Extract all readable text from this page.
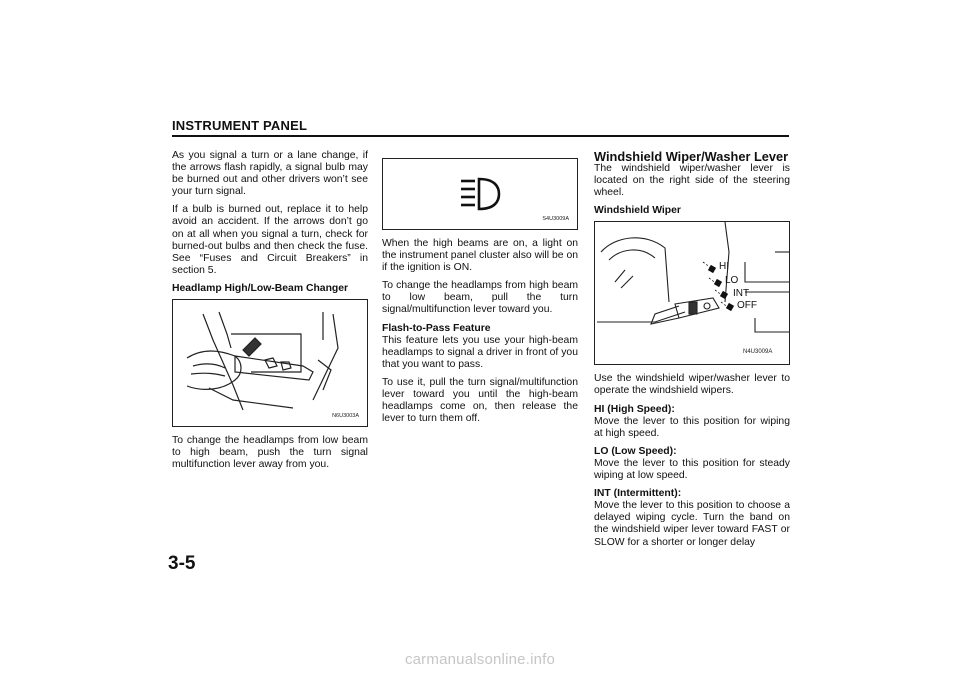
INSTRUMENT PANEL

As you signal a turn or a lane change, if the arrows flash rapidly, a signal bulb may be burned out and other drivers won’t see your turn signal.

If a bulb is burned out, replace it to help avoid an accident. If the arrows don’t go on at all when you signal a turn, check for burned-out bulbs and then check the fuse. See “Fuses and Circuit Breakers” in section 5.

Headlamp High/Low-Beam Changer

N6U3003A

To change the headlamps from low beam to high beam, push the turn signal multifunction lever away from you.

S4U3009A

When the high beams are on, a light on the instrument panel cluster also will be on if the ignition is ON.

To change the headlamps from high beam to low beam, pull the turn signal/multifunction lever toward you.

Flash-to-Pass Feature

This feature lets you use your high-beam headlamps to signal a driver in front of you that you want to pass.

To use it, pull the turn signal/multifunction lever toward you until the high-beam headlamps come on, then release the lever to turn them off.

Windshield Wiper/Washer Lever

The windshield wiper/washer lever is located on the right side of the steering wheel.

Windshield Wiper

HI
LO
INT
OFF
N4U3009A

Use the windshield wiper/washer lever to operate the windshield wipers.

HI (High Speed):

Move the lever to this position for wiping at high speed.

LO (Low Speed):

Move the lever to this position for steady wiping at low speed.

INT (Intermittent):

Move the lever to this position to choose a delayed wiping cycle. Turn the band on the windshield wiper lever toward FAST or SLOW for a shorter or longer delay

3-5
carmanualsonline.info
